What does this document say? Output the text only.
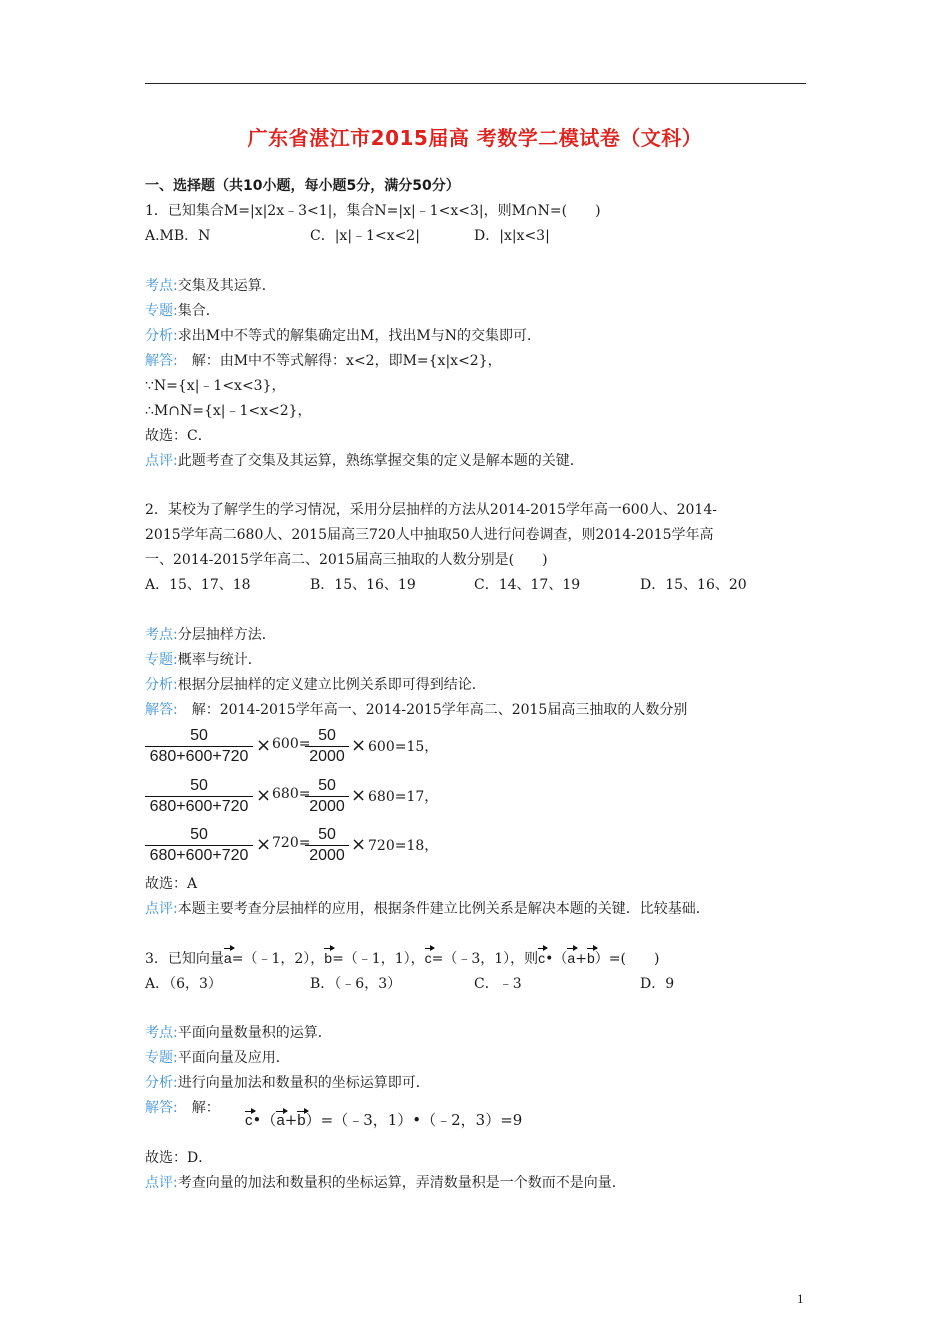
广东省湛江市2015届高 考数学二模试卷（文科）
一、选择题（共10小题，每小题5分，满分50分）
1．已知集合M=|x|2x﹣3<1|，集合N=|x|﹣1<x<3|，则M∩N=(　　)
A.MB．N	C．|x|﹣1<x<2|	D．|x|x<3|
考点:交集及其运算．
专题:集合．
分析:求出M中不等式的解集确定出M，找出M与N的交集即可．
解答:　解：由M中不等式解得：x<2，即M={x|x<2}，
∵N={x|﹣1<x<3}，
∴M∩N={x|﹣1<x<2}，
故选：C．
点评:此题考查了交集及其运算，熟练掌握交集的定义是解本题的关键．
2．某校为了解学生的学习情况，采用分层抽样的方法从2014-2015学年高一600人、2014-
2015学年高二680人、2015届高三720人中抽取50人进行问卷调查，则2014-2015学年高
一、2014-2015学年高二、2015届高三抽取的人数分别是(　　)
A．15、17、18	B．15、16、19	C．14、17、19	D．15、16、20
考点:分层抽样方法．
专题:概率与统计．
分析:根据分层抽样的定义建立比例关系即可得到结论．
解答:　解：2014-2015学年高一、2014-2015学年高二、2015届高三抽取的人数分别
$\frac{50}{680+600+720} \times 600=$
$\frac{50}{2000} \times 600=15$，
$\frac{50}{680+600+720} \times 680=$
$\frac{50}{2000} \times 680=17$，
$\frac{50}{680+600+720} \times 720=$
$\frac{50}{2000} \times 720=18$，
故选：A
点评:本题主要考查分层抽样的应用，根据条件建立比例关系是解决本题的关键．比较基础．
3．已知向量a=（﹣1，2），b=（﹣1，1），c=（﹣3，1），则c•（a+b）=(　　)
A．（6，3）	B．（﹣6，3）	C．﹣3	D．9
考点:平面向量数量积的运算．
专题:平面向量及应用．
分析:进行向量加法和数量积的坐标运算即可．
解答:　解：
c•（a+b）=（﹣3，1）•（﹣2，3）=9
故选：D．
点评:考查向量的加法和数量积的坐标运算，弄清数量积是一个数而不是向量．
1
